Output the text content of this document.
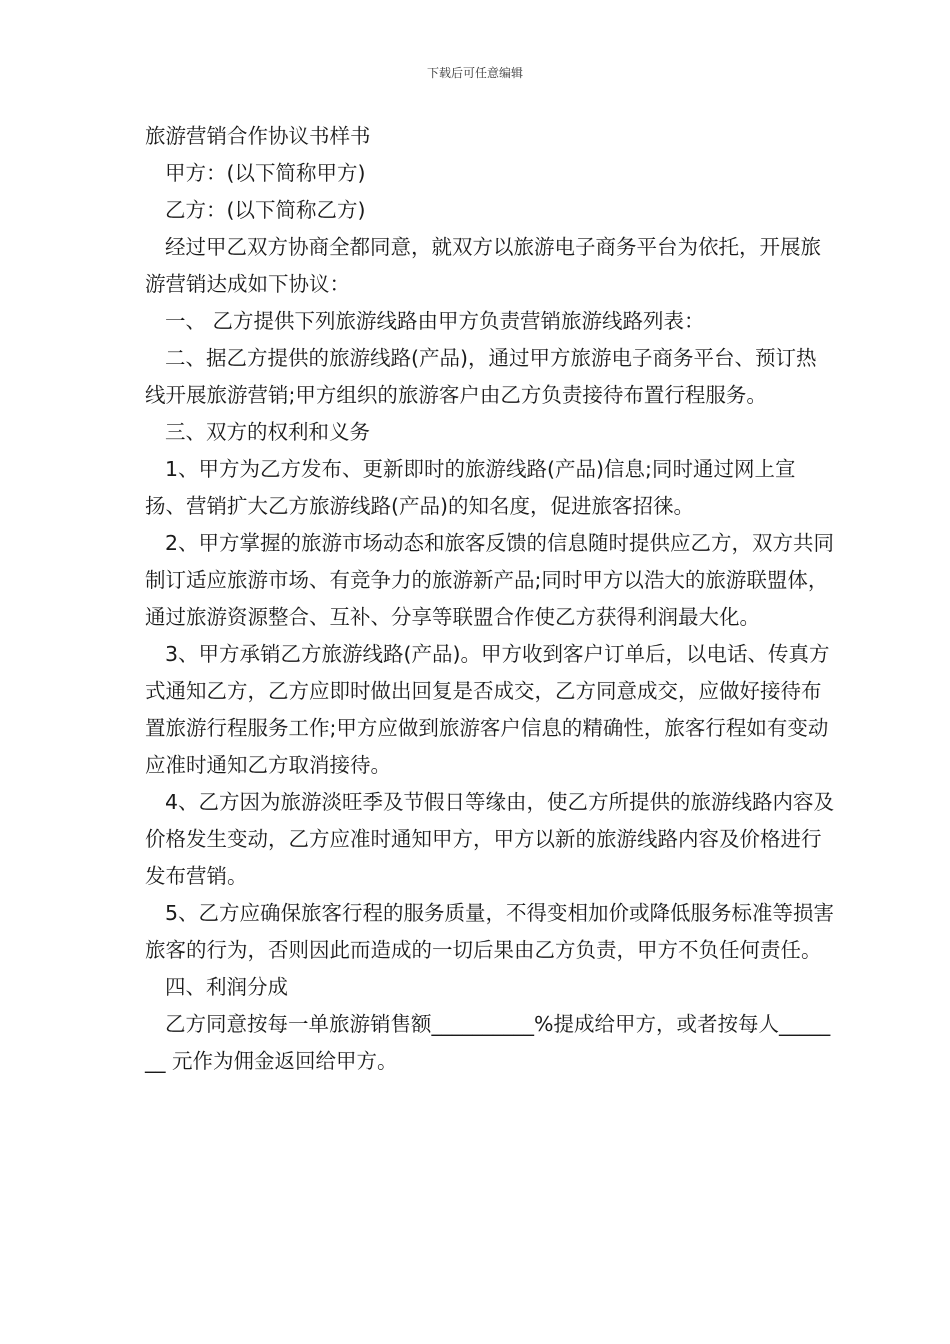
下载后可任意编辑

旅游营销合作协议书样书

甲方：(以下简称甲方)

乙方：(以下简称乙方)

经过甲乙双方协商全都同意，就双方以旅游电子商务平台为依托，开展旅游营销达成如下协议：

一、 乙方提供下列旅游线路由甲方负责营销旅游线路列表：

二、据乙方提供的旅游线路(产品)，通过甲方旅游电子商务平台、预订热线开展旅游营销;甲方组织的旅游客户由乙方负责接待布置行程服务。

三、双方的权利和义务

1、甲方为乙方发布、更新即时的旅游线路(产品)信息;同时通过网上宣扬、营销扩大乙方旅游线路(产品)的知名度，促进旅客招徕。

2、甲方掌握的旅游市场动态和旅客反馈的信息随时提供应乙方，双方共同制订适应旅游市场、有竞争力的旅游新产品;同时甲方以浩大的旅游联盟体，通过旅游资源整合、互补、分享等联盟合作使乙方获得利润最大化。

3、甲方承销乙方旅游线路(产品)。甲方收到客户订单后，以电话、传真方式通知乙方，乙方应即时做出回复是否成交，乙方同意成交，应做好接待布置旅游行程服务工作;甲方应做到旅游客户信息的精确性，旅客行程如有变动应准时通知乙方取消接待。

4、乙方因为旅游淡旺季及节假日等缘由，使乙方所提供的旅游线路内容及价格发生变动，乙方应准时通知甲方，甲方以新的旅游线路内容及价格进行发布营销。

5、乙方应确保旅客行程的服务质量，不得变相加价或降低服务标准等损害旅客的行为，否则因此而造成的一切后果由乙方负责，甲方不负任何责任。

四、利润分成

乙方同意按每一单旅游销售额__________%提成给甲方，或者按每人_______ 元作为佣金返回给甲方。
